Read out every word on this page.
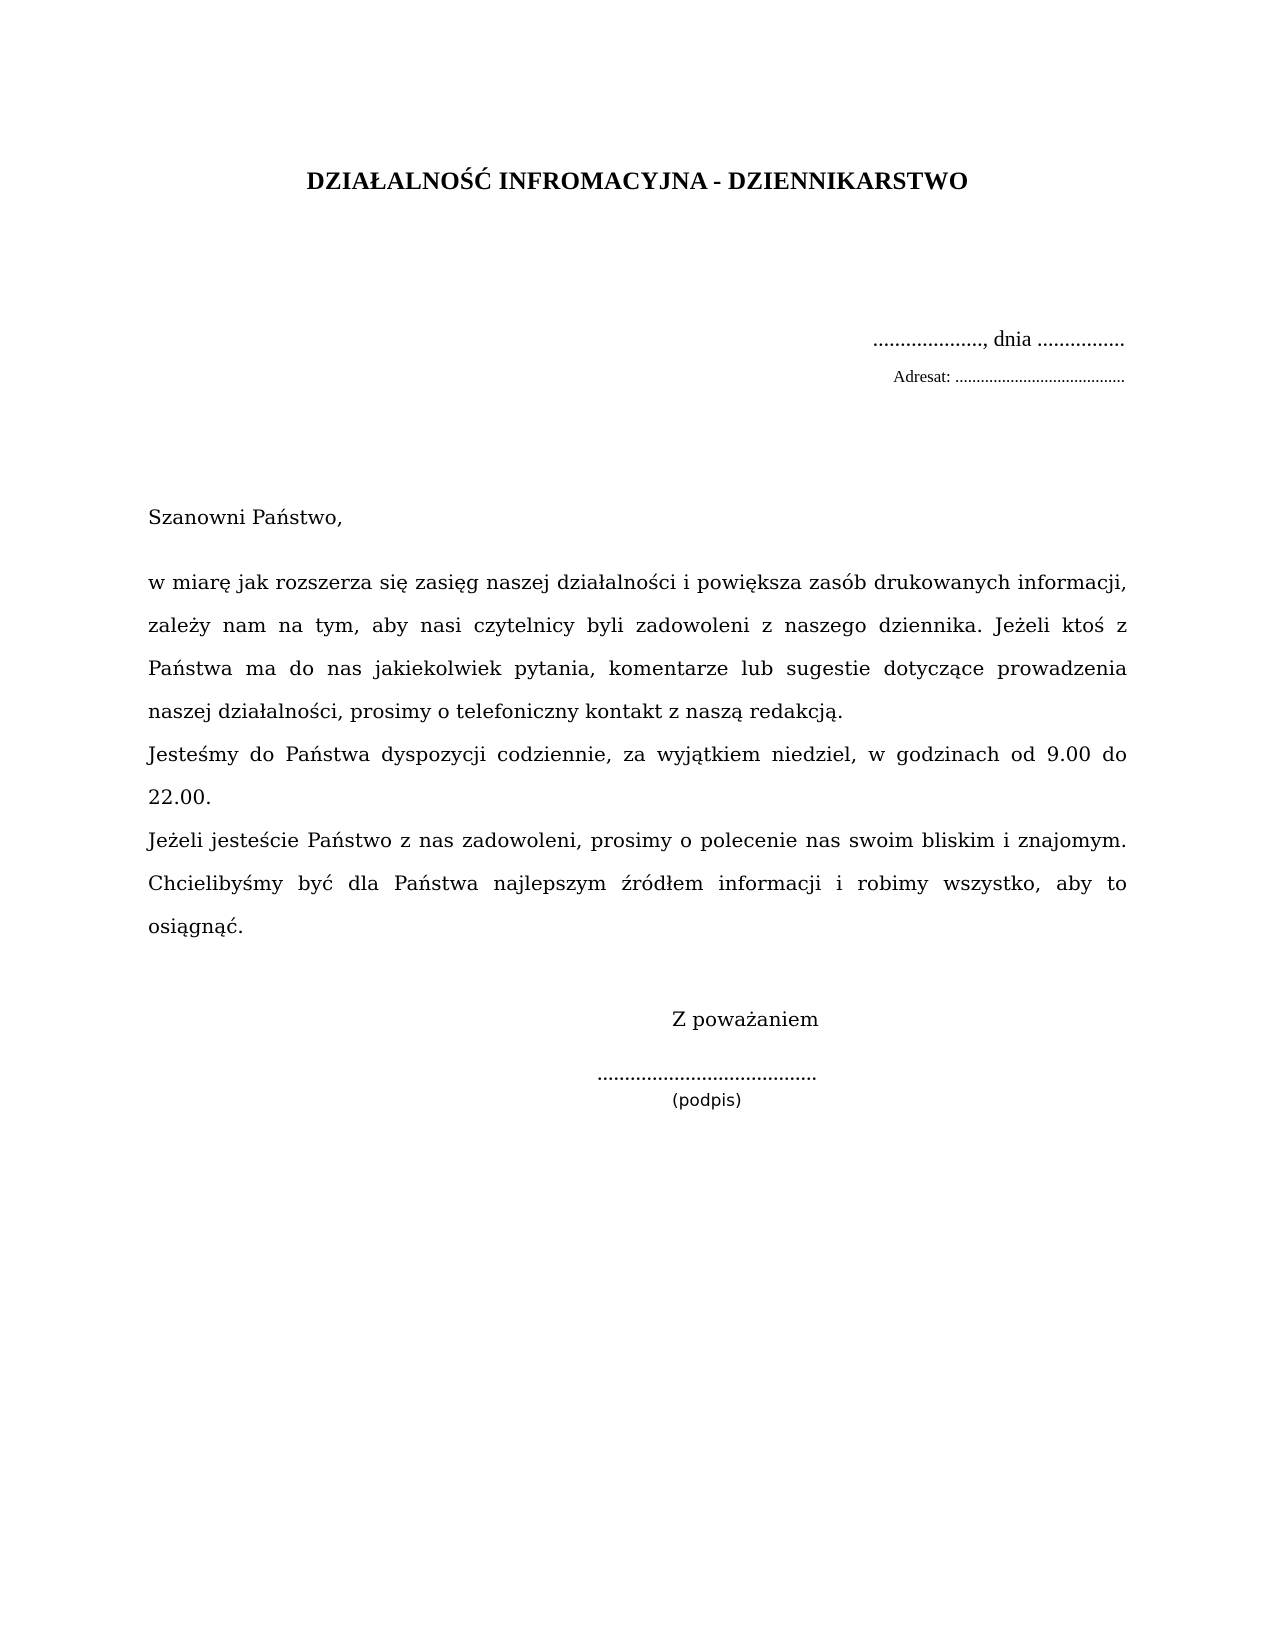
DZIAŁALNOŚĆ INFROMACYJNA - DZIENNIKARSTWO
...................., dnia ................
Adresat: ........................................
Szanowni Państwo,

w miarę jak rozszerza się zasięg naszej działalności i powiększa zasób drukowanych informacji, zależy nam na tym, aby nasi czytelnicy byli zadowoleni z naszego dziennika. Jeżeli ktoś z Państwa ma do nas jakiekolwiek pytania, komentarze lub sugestie dotyczące prowadzenia naszej działalności, prosimy o telefoniczny kontakt z naszą redakcją.

Jesteśmy do Państwa dyspozycji codziennie, za wyjątkiem niedziel, w godzinach od 9.00 do 22.00.

Jeżeli jesteście Państwo z nas zadowoleni, prosimy o polecenie nas swoim bliskim i znajomym. Chcielibyśmy być dla Państwa najlepszym źródłem informacji i robimy wszystko, aby to osiągnąć.

Z poważaniem
........................................
(podpis)
